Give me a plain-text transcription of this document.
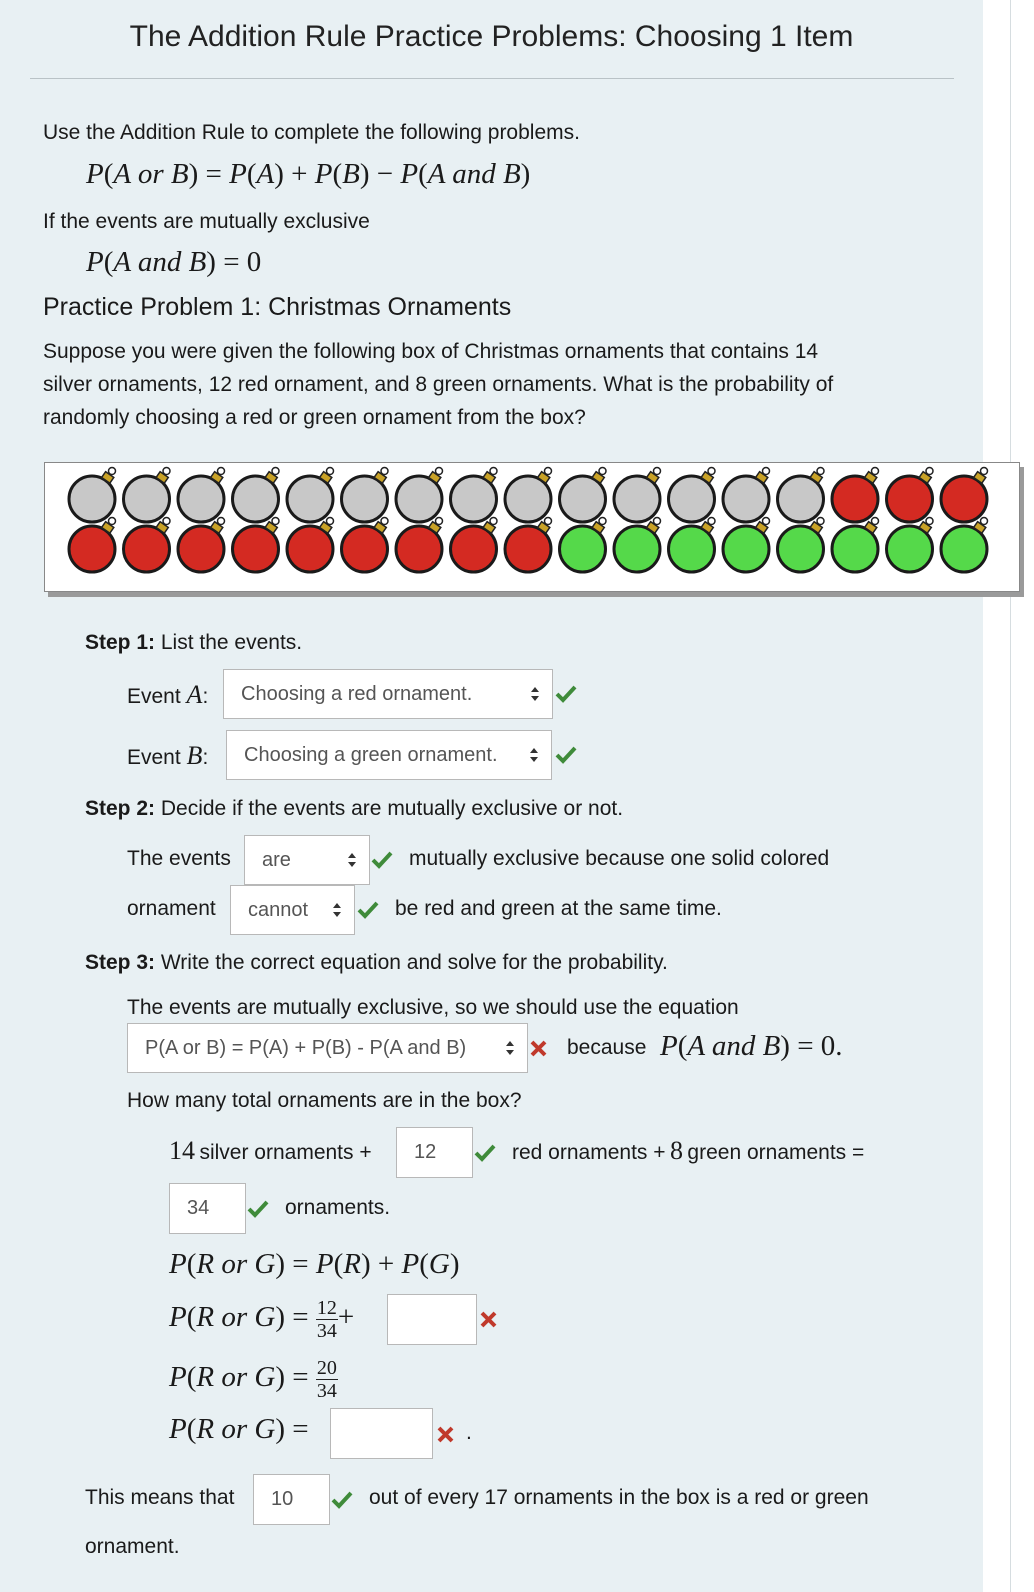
The Addition Rule Practice Problems: Choosing 1 Item
Use the Addition Rule to complete the following problems.
P(A or B) = P(A) + P(B) − P(A and B)
If the events are mutually exclusive
P(A and B) = 0
Practice Problem 1: Christmas Ornaments
Suppose you were given the following box of Christmas ornaments that contains 14
silver ornaments, 12 red ornament, and 8 green ornaments. What is the probability of
randomly choosing a red or green ornament from the box?
Step 1: List the events.
Event A: Choosing a red ornament.
Event B: Choosing a green ornament.
Step 2: Decide if the events are mutually exclusive or not.
The events are	mutually exclusive because one solid colored
ornament cannot	be red and green at the same time.
Step 3: Write the correct equation and solve for the probability.
The events are mutually exclusive, so we should use the equation
P(A or B) = P(A) + P(B) - P(A and B)	because P(A and B) = 0.
How many total ornaments are in the box?
14 silver ornaments + 12	red ornaments + 8 green ornaments =
34	ornaments.
P(R or G) = P(R) + P(G)
P(R or $G) = \frac{12}{34}$ +
P(R or $G) = \frac{20}{34}$
P(R or G) =	.
This means that 10	out of every 17 ornaments in the box is a red or green
ornament.
